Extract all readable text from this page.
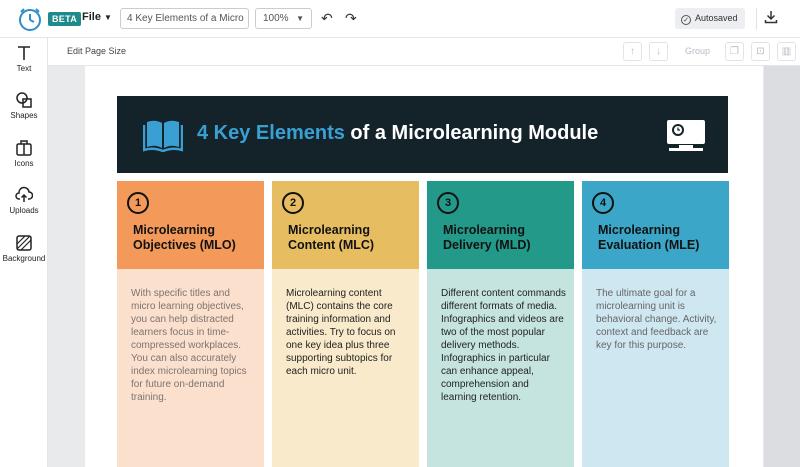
BETA File ▼	4 Key Elements of a Micro	100% ▼ ↶ ↷	✓ Autosaved
Text
Shapes
Icons
Uploads
Background
Edit Page Size	↑	↓	Group	❐	⊡	▥
4 Key Elements of a Microlearning Module
1
Microlearning Objectives (MLO)
With specific titles and micro learning objectives, you can help distracted learners focus in time-compressed workplaces. You can also accurately index microlearning topics for future on-demand training.
2
Microlearning Content (MLC)
Microlearning content (MLC) contains the core training information and activities. Try to focus on one key idea plus three supporting subtopics for each micro unit.
3
Microlearning Delivery (MLD)
Different content commands different formats of media. Infographics and videos are two of the most popular delivery methods. Infographics in particular can enhance appeal, comprehension and learning retention.
4
Microlearning Evaluation (MLE)
The ultimate goal for a microlearning unit is behavioral change. Activity, context and feedback are key for this purpose.
